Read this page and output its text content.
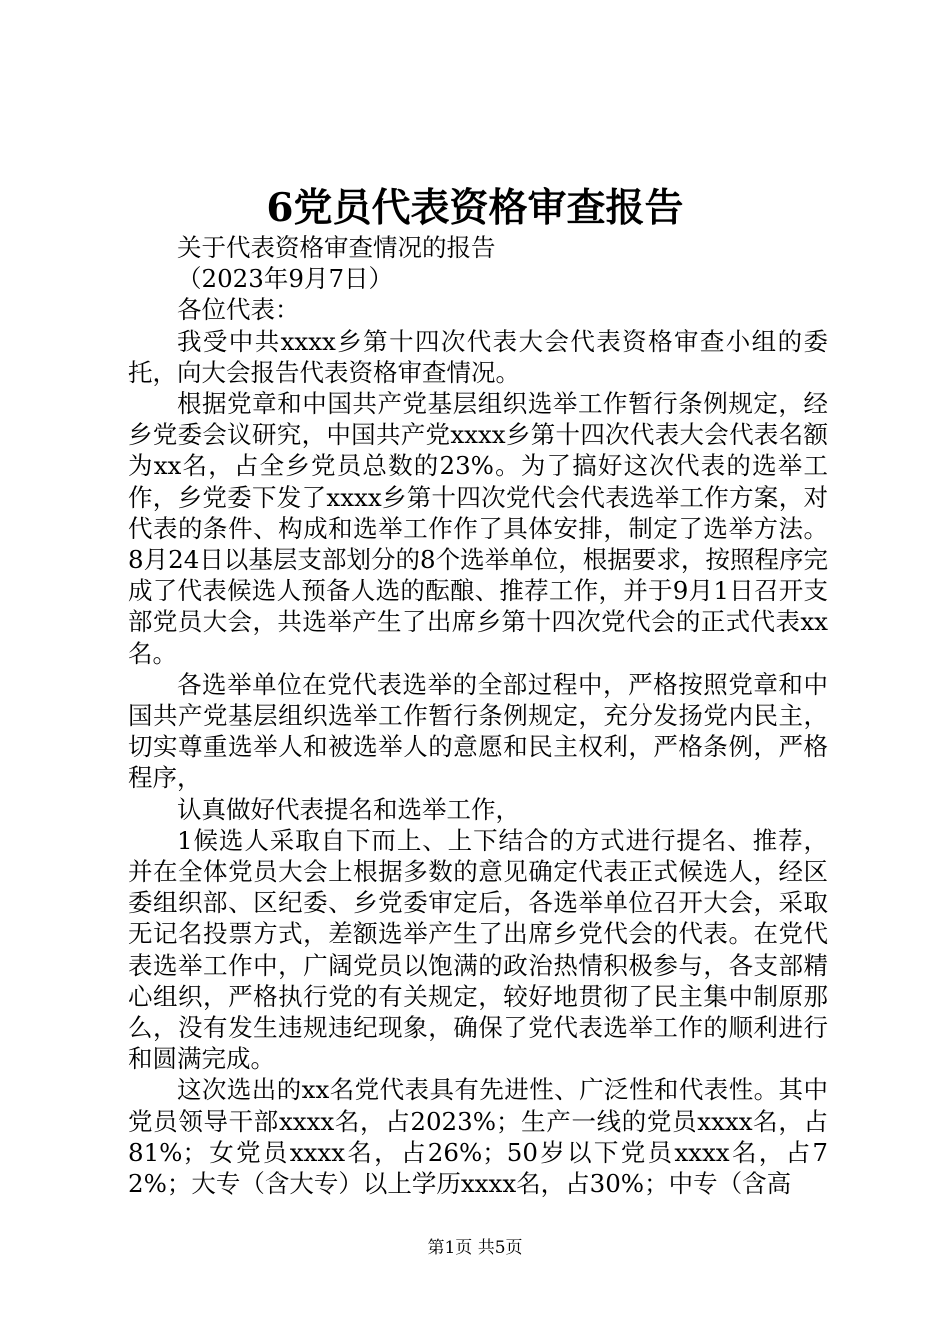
6党员代表资格审查报告

关于代表资格审查情况的报告

（2023年9月7日）

各位代表：

我受中共xxxx乡第十四次代表大会代表资格审查小组的委托，向大会报告代表资格审查情况。

根据党章和中国共产党基层组织选举工作暂行条例规定，经乡党委会议研究，中国共产党xxxx乡第十四次代表大会代表名额为xx名，占全乡党员总数的23%。为了搞好这次代表的选举工作，乡党委下发了xxxx乡第十四次党代会代表选举工作方案，对代表的条件、构成和选举工作作了具体安排，制定了选举方法。8月24日以基层支部划分的8个选举单位，根据要求，按照程序完成了代表候选人预备人选的酝酿、推荐工作，并于9月1日召开支部党员大会，共选举产生了出席乡第十四次党代会的正式代表xx名。

各选举单位在党代表选举的全部过程中，严格按照党章和中国共产党基层组织选举工作暂行条例规定，充分发扬党内民主，切实尊重选举人和被选举人的意愿和民主权利，严格条例，严格程序，

认真做好代表提名和选举工作，

1候选人采取自下而上、上下结合的方式进行提名、推荐，并在全体党员大会上根据多数的意见确定代表正式候选人，经区委组织部、区纪委、乡党委审定后，各选举单位召开大会，采取无记名投票方式，差额选举产生了出席乡党代会的代表。在党代表选举工作中，广阔党员以饱满的政治热情积极参与，各支部精心组织，严格执行党的有关规定，较好地贯彻了民主集中制原那么，没有发生违规违纪现象，确保了党代表选举工作的顺利进行和圆满完成。

这次选出的xx名党代表具有先进性、广泛性和代表性。其中党员领导干部xxxx名，占2023%；生产一线的党员xxxx名，占81%；女党员xxxx名，占26%；50岁以下党员xxxx名，占72%；大专（含大专）以上学历xxxx名，占30%；中专（含高

第1页 共5页
